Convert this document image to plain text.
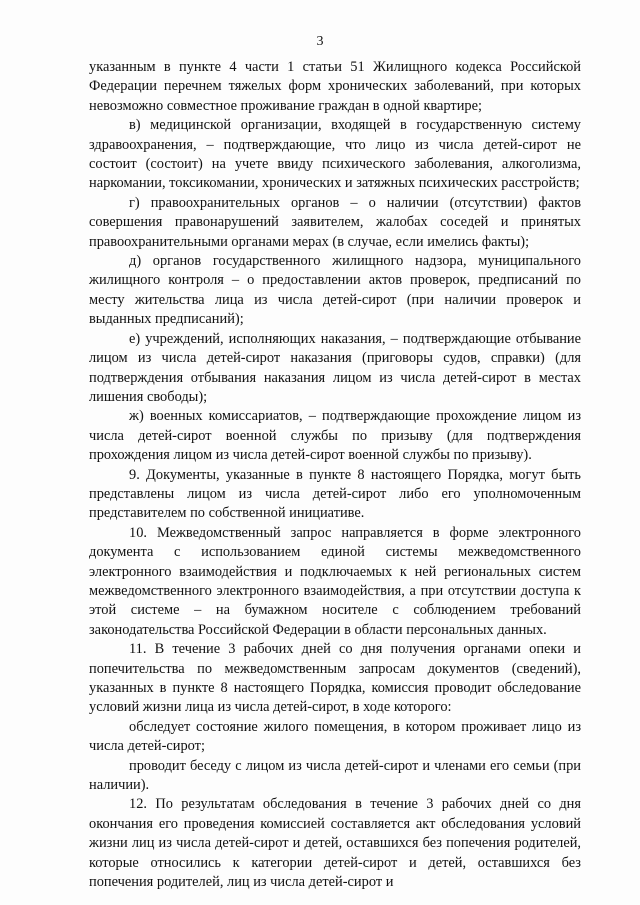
3

указанным в пункте 4 части 1 статьи 51 Жилищного кодекса Российской Федерации перечнем тяжелых форм хронических заболеваний, при которых невозможно совместное проживание граждан в одной квартире;

в) медицинской организации, входящей в государственную систему здравоохранения, – подтверждающие, что лицо из числа детей-сирот не состоит (состоит) на учете ввиду психического заболевания, алкоголизма, наркомании, токсикомании, хронических и затяжных психических расстройств;

г) правоохранительных органов – о наличии (отсутствии) фактов совершения правонарушений заявителем, жалобах соседей и принятых правоохранительными органами мерах (в случае, если имелись факты);

д) органов государственного жилищного надзора, муниципального жилищного контроля – о предоставлении актов проверок, предписаний по месту жительства лица из числа детей-сирот (при наличии проверок и выданных предписаний);

е) учреждений, исполняющих наказания, – подтверждающие отбывание лицом из числа детей-сирот наказания (приговоры судов, справки) (для подтверждения отбывания наказания лицом из числа детей-сирот в местах лишения свободы);

ж) военных комиссариатов, – подтверждающие прохождение лицом из числа детей-сирот военной службы по призыву (для подтверждения прохождения лицом из числа детей-сирот военной службы по призыву).

9. Документы, указанные в пункте 8 настоящего Порядка, могут быть представлены лицом из числа детей-сирот либо его уполномоченным представителем по собственной инициативе.

10. Межведомственный запрос направляется в форме электронного документа с использованием единой системы межведомственного электронного взаимодействия и подключаемых к ней региональных систем межведомственного электронного взаимодействия, а при отсутствии доступа к этой системе – на бумажном носителе с соблюдением требований законодательства Российской Федерации в области персональных данных.

11. В течение 3 рабочих дней со дня получения органами опеки и попечительства по межведомственным запросам документов (сведений), указанных в пункте 8 настоящего Порядка, комиссия проводит обследование условий жизни лица из числа детей-сирот, в ходе которого:

обследует состояние жилого помещения, в котором проживает лицо из числа детей-сирот;

проводит беседу с лицом из числа детей-сирот и членами его семьи (при наличии).

12. По результатам обследования в течение 3 рабочих дней со дня окончания его проведения комиссией составляется акт обследования условий жизни лиц из числа детей-сирот и детей, оставшихся без попечения родителей, которые относились к категории детей-сирот и детей, оставшихся без попечения родителей, лиц из числа детей-сирот и
